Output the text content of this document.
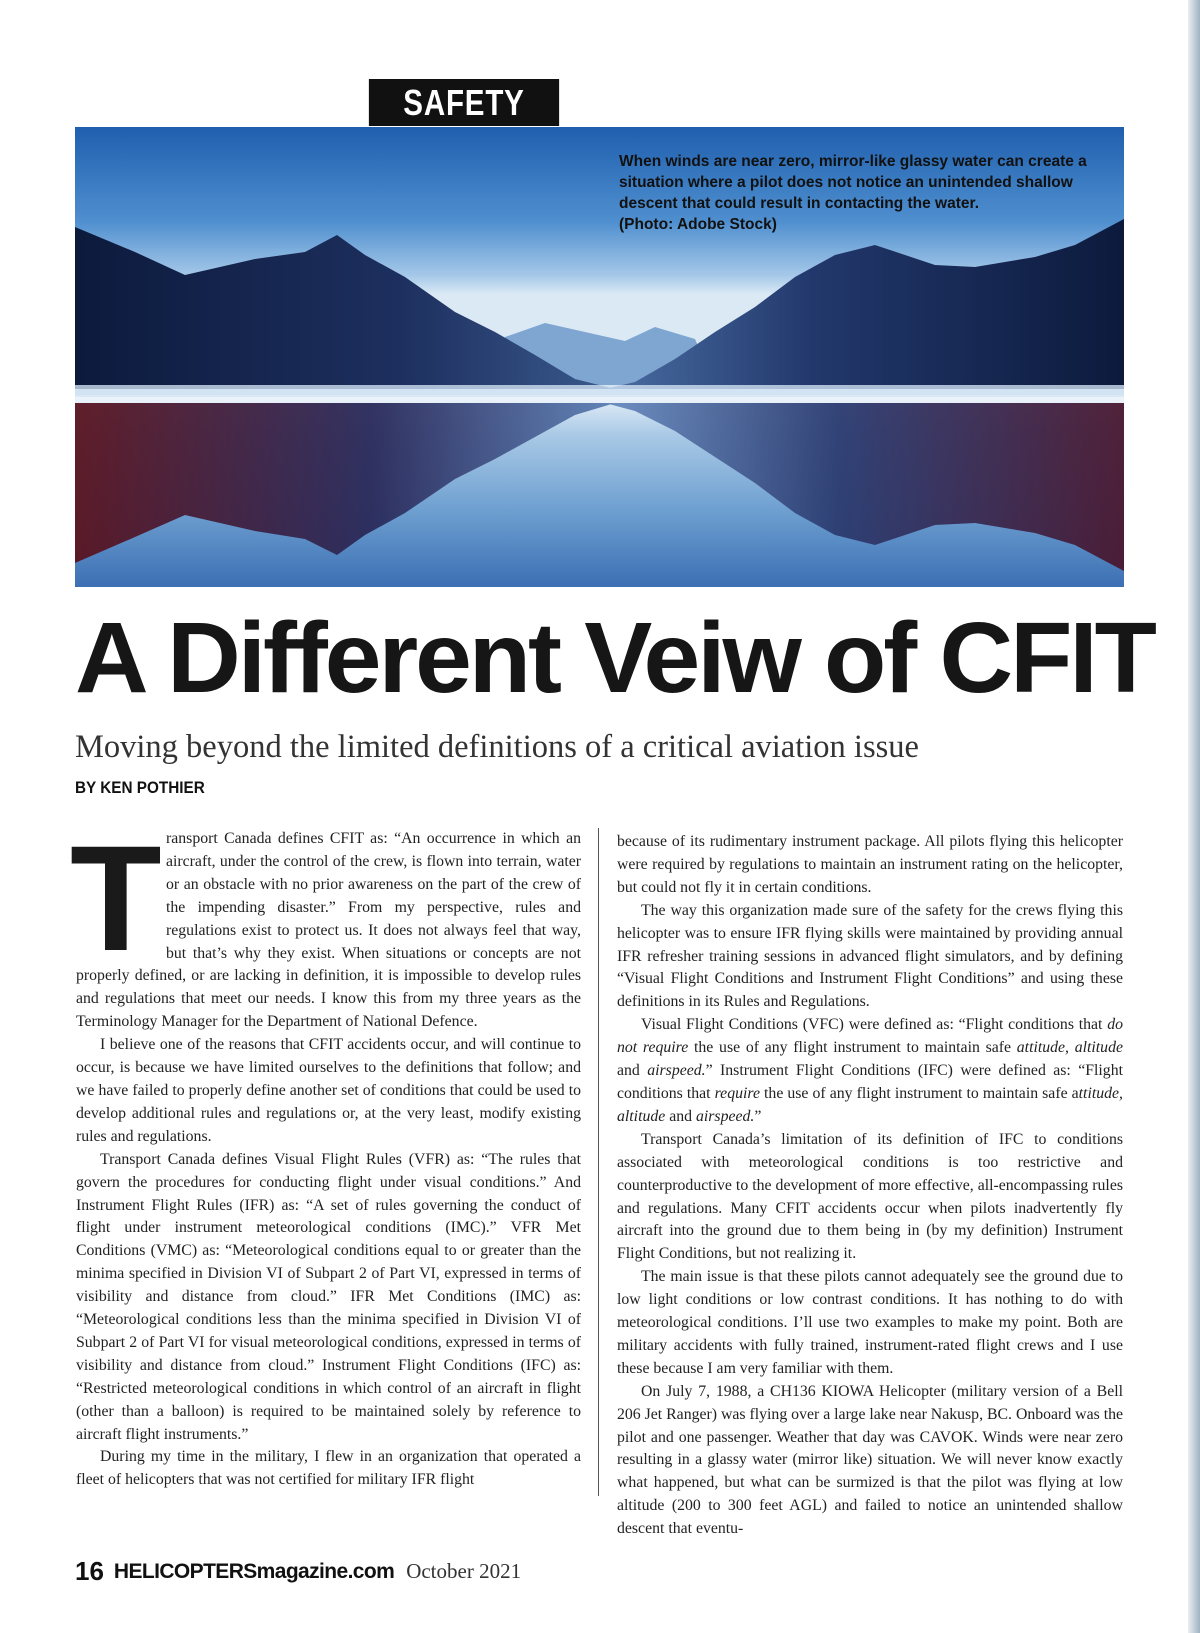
SAFETY

When winds are near zero, mirror-like glassy water can create a situation where a pilot does not notice an unintended shallow descent that could result in contacting the water.

(Photo: Adobe Stock)

A Different Veiw of CFIT
Moving beyond the limited definitions of a critical aviation issue
BY KEN POTHIER
T ransport Canada defines CFIT as: “An occurrence in which an aircraft, under the control of the crew, is flown into terrain, water or an obstacle with no prior awareness on the part of the crew of the impending disaster.” From my perspective, rules and regulations exist to protect us. It does not always feel that way, but that’s why they exist. When situations or concepts are not properly defined, or are lacking in definition, it is impossible to develop rules and regulations that meet our needs. I know this from my three years as the Terminology Manager for the Department of National Defence.

I believe one of the reasons that CFIT accidents occur, and will continue to occur, is because we have limited ourselves to the definitions that follow; and we have failed to properly define another set of conditions that could be used to develop additional rules and regulations or, at the very least, modify existing rules and regulations.

Transport Canada defines Visual Flight Rules (VFR) as: “The rules that govern the procedures for conducting flight under visual conditions.” And Instrument Flight Rules (IFR) as: “A set of rules governing the conduct of flight under instrument meteorological conditions (IMC).” VFR Met Conditions (VMC) as: “Meteorological conditions equal to or greater than the minima specified in Division VI of Subpart 2 of Part VI, expressed in terms of visibility and distance from cloud.” IFR Met Conditions (IMC) as: “Meteorological conditions less than the minima specified in Division VI of Subpart 2 of Part VI for visual meteorological conditions, expressed in terms of visibility and distance from cloud.” Instrument Flight Conditions (IFC) as: “Restricted meteorological conditions in which control of an aircraft in flight (other than a balloon) is required to be maintained solely by reference to aircraft flight instruments.”

During my time in the military, I flew in an organization that operated a fleet of helicopters that was not certified for military IFR flight

because of its rudimentary instrument package. All pilots flying this helicopter were required by regulations to maintain an instrument rating on the helicopter, but could not fly it in certain conditions.

The way this organization made sure of the safety for the crews flying this helicopter was to ensure IFR flying skills were maintained by providing annual IFR refresher training sessions in advanced flight simulators, and by defining “Visual Flight Conditions and Instrument Flight Conditions” and using these definitions in its Rules and Regulations.

Visual Flight Conditions (VFC) were defined as: “Flight conditions that do not require the use of any flight instrument to maintain safe attitude, altitude and airspeed.” Instrument Flight Conditions (IFC) were defined as: “Flight conditions that require the use of any flight instrument to maintain safe attitude, altitude and airspeed.”

Transport Canada’s limitation of its definition of IFC to conditions associated with meteorological conditions is too restrictive and counterproductive to the development of more effective, all-encompassing rules and regulations. Many CFIT accidents occur when pilots inadvertently fly aircraft into the ground due to them being in (by my definition) Instrument Flight Conditions, but not realizing it.

The main issue is that these pilots cannot adequately see the ground due to low light conditions or low contrast conditions. It has nothing to do with meteorological conditions. I’ll use two examples to make my point. Both are military accidents with fully trained, instrument-rated flight crews and I use these because I am very familiar with them.

On July 7, 1988, a CH136 KIOWA Helicopter (military version of a Bell 206 Jet Ranger) was flying over a large lake near Nakusp, BC. Onboard was the pilot and one passenger. Weather that day was CAVOK. Winds were near zero resulting in a glassy water (mirror like) situation. We will never know exactly what happened, but what can be surmized is that the pilot was flying at low altitude (200 to 300 feet AGL) and failed to notice an unintended shallow descent that eventu-

16 HELICOPTERSmagazine.com October 2021
